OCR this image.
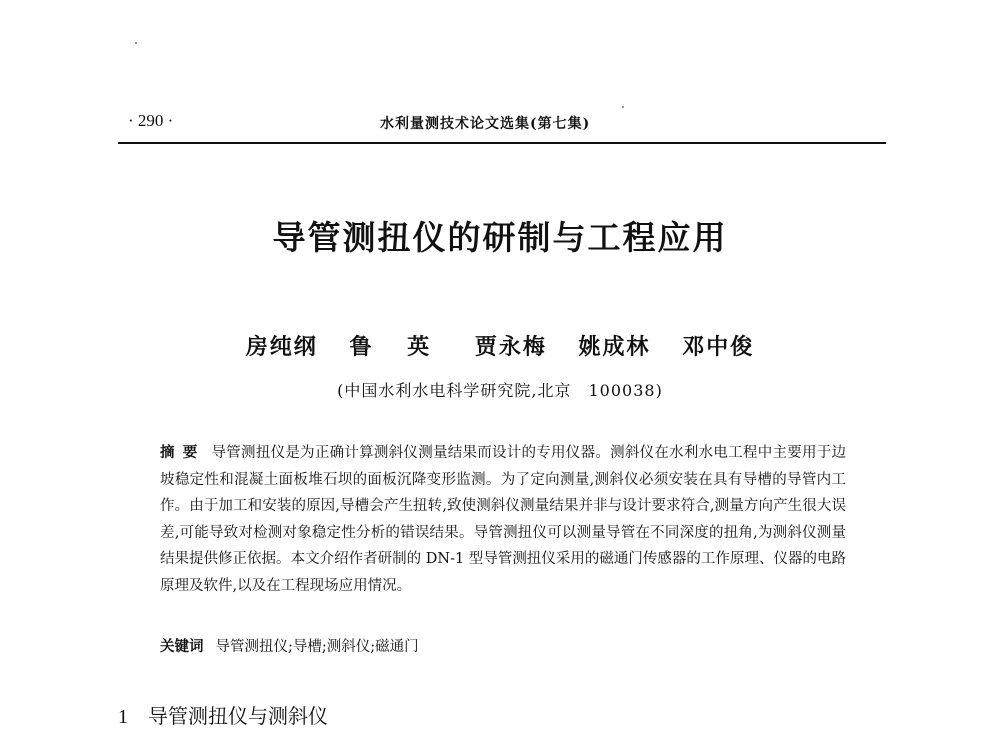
· 290 ·	水利量测技术论文选集(第七集)
导管测扭仪的研制与工程应用
房纯纲 鲁 英 贾永梅 姚成林 邓中俊
(中国水利水电科学研究院,北京　100038)
摘要 导管测扭仪是为正确计算测斜仪测量结果而设计的专用仪器。测斜仪在水利水电工程中主要用于边坡稳定性和混凝土面板堆石坝的面板沉降变形监测。为了定向测量,测斜仪必须安装在具有导槽的导管内工作。由于加工和安装的原因,导槽会产生扭转,致使测斜仪测量结果并非与设计要求符合,测量方向产生很大误差,可能导致对检测对象稳定性分析的错误结果。导管测扭仪可以测量导管在不同深度的扭角,为测斜仪测量结果提供修正依据。本文介绍作者研制的 DN-1 型导管测扭仪采用的磁通门传感器的工作原理、仪器的电路原理及软件,以及在工程现场应用情况。
关键词 导管测扭仪;导槽;测斜仪;磁通门
1 导管测扭仪与测斜仪
